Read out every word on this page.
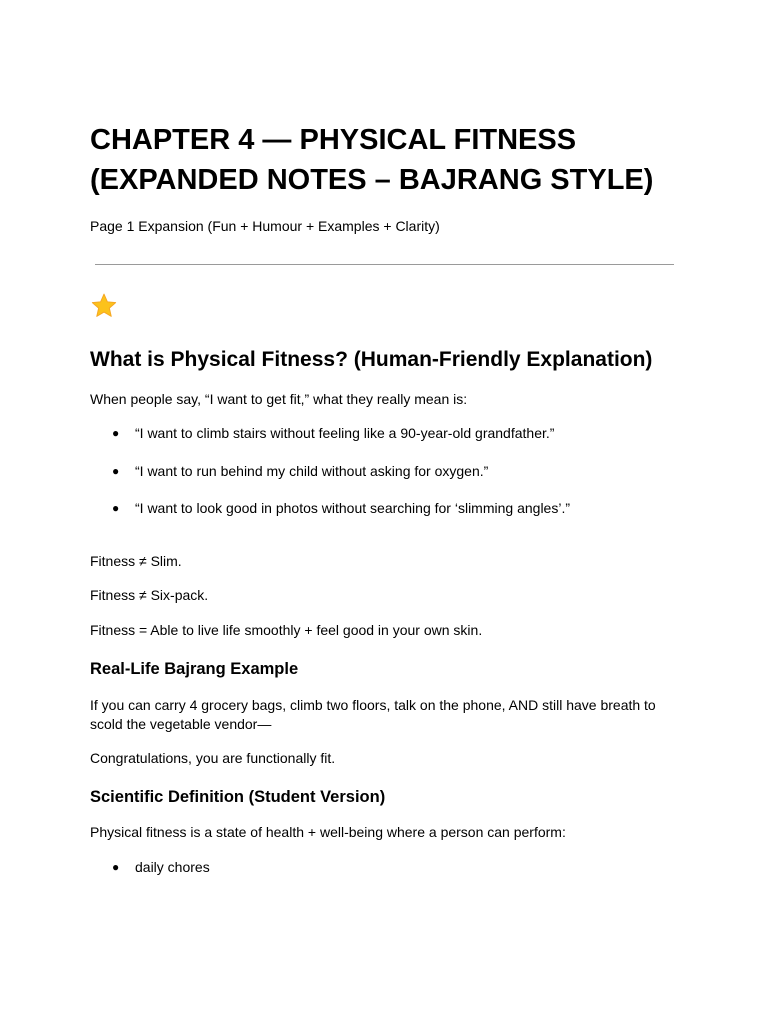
CHAPTER 4 — PHYSICAL FITNESS
(EXPANDED NOTES – BAJRANG STYLE)

Page 1 Expansion (Fun + Humour + Examples + Clarity)

What is Physical Fitness? (Human-Friendly Explanation)

When people say, “I want to get fit,” what they really mean is:

●	“I want to climb stairs without feeling like a 90-year-old grandfather.”
●	“I want to run behind my child without asking for oxygen.”
●	“I want to look good in photos without searching for ‘slimming angles’.”

Fitness ≠ Slim.

Fitness ≠ Six-pack.

Fitness = Able to live life smoothly + feel good in your own skin.

Real-Life Bajrang Example

If you can carry 4 grocery bags, climb two floors, talk on the phone, AND still have breath to scold the vegetable vendor—

Congratulations, you are functionally fit.

Scientific Definition (Student Version)

Physical fitness is a state of health + well-being where a person can perform:

●	daily chores
